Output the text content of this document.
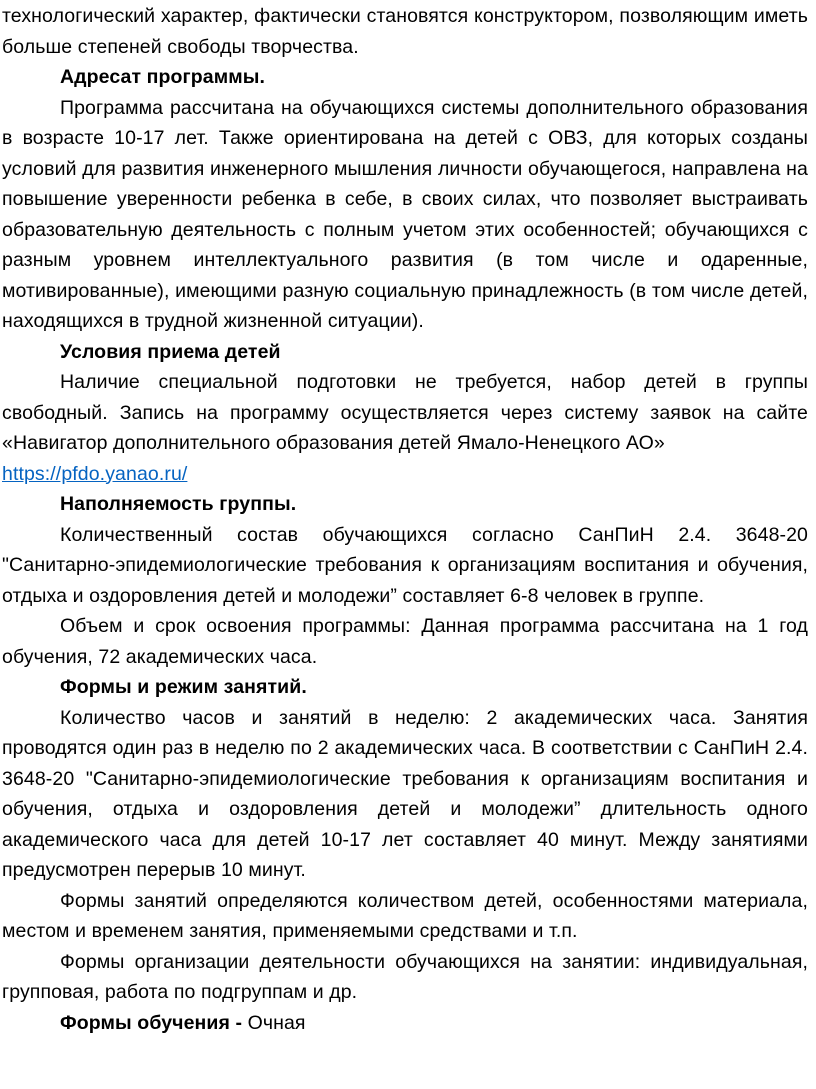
технологический характер, фактически становятся конструктором, позволяющим иметь больше степеней свободы творчества.

Адресат программы.

Программа рассчитана на обучающихся системы дополнительного образования в возрасте 10-17 лет. Также ориентирована на детей с ОВЗ, для которых созданы условий для развития инженерного мышления личности обучающегося, направлена на повышение уверенности ребенка в себе, в своих силах, что позволяет выстраивать образовательную деятельность с полным учетом этих особенностей; обучающихся с разным уровнем интеллектуального развития (в том числе и одаренные, мотивированные), имеющими разную социальную принадлежность (в том числе детей, находящихся в трудной жизненной ситуации).

Условия приема детей

Наличие специальной подготовки не требуется, набор детей в группы свободный. Запись на программу осуществляется через систему заявок на сайте «Навигатор дополнительного образования детей Ямало-Ненецкого АО»

https://pfdo.yanao.ru/

Наполняемость группы.

Количественный состав обучающихся согласно СанПиН 2.4. 3648-20 "Санитарно-эпидемиологические требования к организациям воспитания и обучения, отдыха и оздоровления детей и молодежи” составляет 6-8 человек в группе.

Объем и срок освоения программы: Данная программа рассчитана на 1 год обучения, 72 академических часа.

Формы и режим занятий.

Количество часов и занятий в неделю: 2 академических часа. Занятия проводятся один раз в неделю по 2 академических часа. В соответствии с СанПиН 2.4. 3648-20 "Санитарно-эпидемиологические требования к организациям воспитания и обучения, отдыха и оздоровления детей и молодежи” длительность одного академического часа для детей 10-17 лет составляет 40 минут. Между занятиями предусмотрен перерыв 10 минут.

Формы занятий определяются количеством детей, особенностями материала, местом и временем занятия, применяемыми средствами и т.п.

Формы организации деятельности обучающихся на занятии: индивидуальная, групповая, работа по подгруппам и др.

Формы обучения - Очная
